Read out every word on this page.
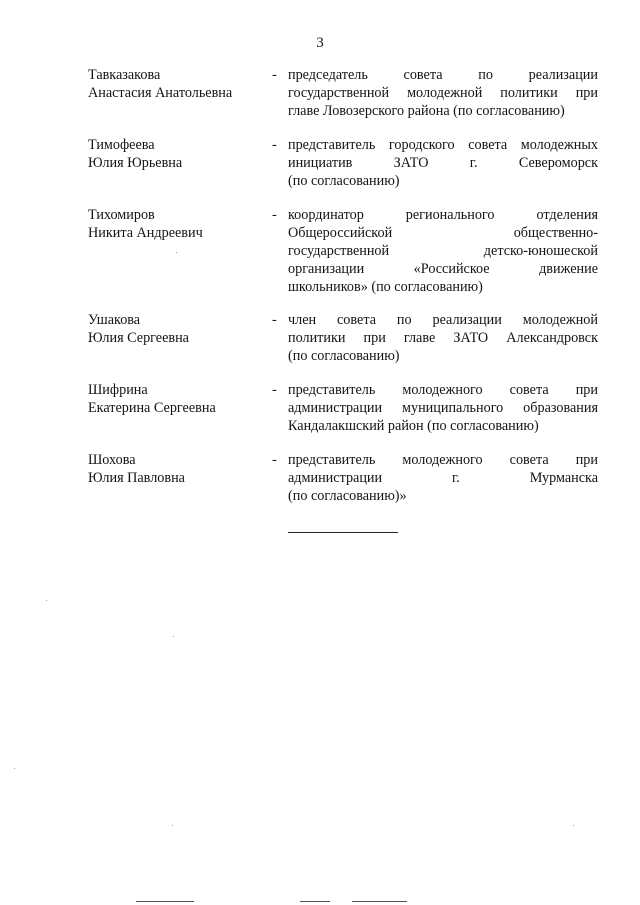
3
Тавказакова
Анастасия Анатольевна
- председатель совета по реализации
государственной молодежной политики при
главе Ловозерского района (по согласованию)
Тимофеева
Юлия Юрьевна
- представитель городского совета молодежных
инициатив ЗАТО г. Североморск
(по согласованию)
Тихомиров
Никита Андреевич
- координатор регионального отделения
Общероссийской общественно-
государственной детско-юношеской
организации «Российское движение
школьников» (по согласованию)
Ушакова
Юлия Сергеевна
- член совета по реализации молодежной
политики при главе ЗАТО Александровск
(по согласованию)
Шифрина
Екатерина Сергеевна
- представитель молодежного совета при
администрации муниципального образования
Кандалакшский район (по согласованию)
Шохова
Юлия Павловна
- представитель молодежного совета при
администрации г. Мурманска
(по согласованию)»
